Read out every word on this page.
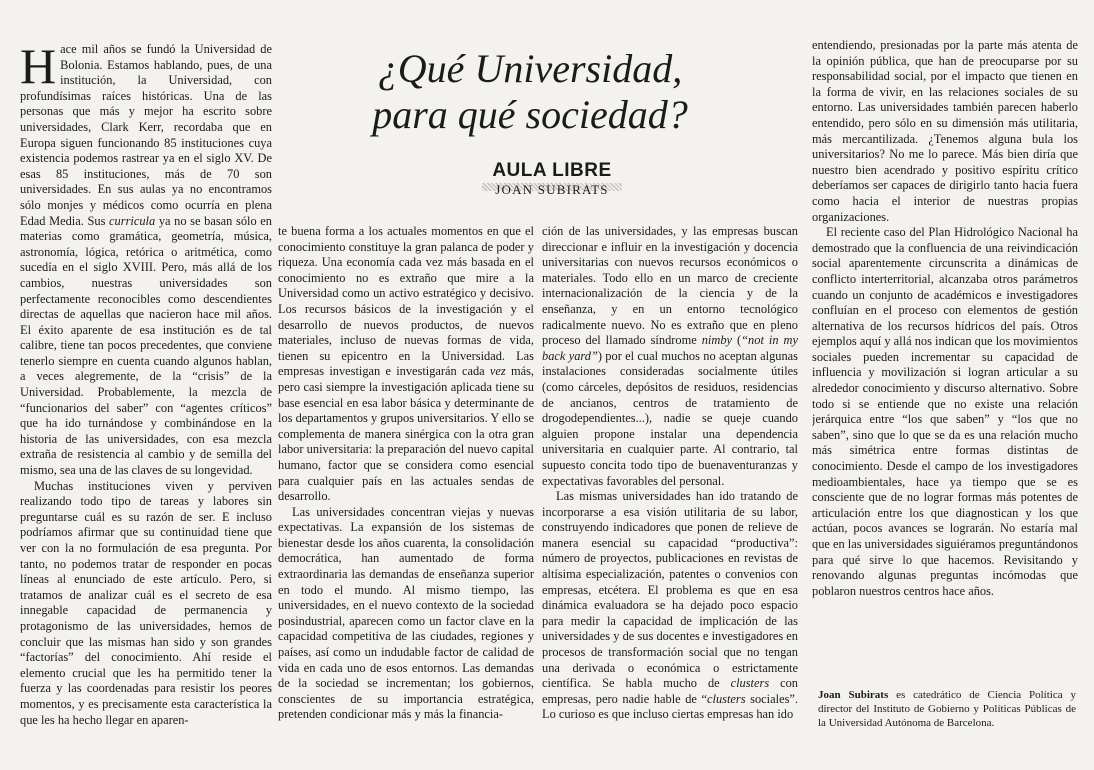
¿Qué Universidad,
para qué sociedad?
AULA LIBRE
JOAN SUBIRATS

Hace mil años se fundó la Universidad de Bolonia. Estamos hablando, pues, de una institución, la Universidad, con profundísimas raíces históricas. Una de las personas que más y mejor ha escrito sobre universidades, Clark Kerr, recordaba que en Europa siguen funcionando 85 instituciones cuya existencia podemos rastrear ya en el siglo XV. De esas 85 instituciones, más de 70 son universidades. En sus aulas ya no encontramos sólo monjes y médicos como ocurría en plena Edad Media. Sus curricula ya no se basan sólo en materias como gramática, geometría, música, astronomía, lógica, retórica o aritmética, como sucedía en el siglo XVIII. Pero, más allá de los cambios, nuestras universidades son perfectamente reconocibles como descendientes directas de aquellas que nacieron hace mil años. El éxito aparente de esa institución es de tal calibre, tiene tan pocos precedentes, que conviene tenerlo siempre en cuenta cuando algunos hablan, a veces alegremente, de la “crisis” de la Universidad. Probablemente, la mezcla de “funcionarios del saber” con “agentes críticos” que ha ido turnándose y combinándose en la historia de las universidades, con esa mezcla extraña de resistencia al cambio y de semilla del mismo, sea una de las claves de su longevidad.

Muchas instituciones viven y perviven realizando todo tipo de tareas y labores sin preguntarse cuál es su razón de ser. E incluso podríamos afirmar que su continuidad tiene que ver con la no formulación de esa pregunta. Por tanto, no podemos tratar de responder en pocas líneas al enunciado de este artículo. Pero, si tratamos de analizar cuál es el secreto de esa innegable capacidad de permanencia y protagonismo de las universidades, hemos de concluir que las mismas han sido y son grandes “factorías” del conocimiento. Ahí reside el elemento crucial que les ha permitido tener la fuerza y las coordenadas para resistir los peores momentos, y es precisamente esta característica la que les ha hecho llegar en aparen-

te buena forma a los actuales momentos en que el conocimiento constituye la gran palanca de poder y riqueza. Una economía cada vez más basada en el conocimiento no es extraño que mire a la Universidad como un activo estratégico y decisivo. Los recursos básicos de la investigación y el desarrollo de nuevos productos, de nuevos materiales, incluso de nuevas formas de vida, tienen su epicentro en la Universidad. Las empresas investigan e investigarán cada vez más, pero casi siempre la investigación aplicada tiene su base esencial en esa labor básica y determinante de los departamentos y grupos universitarios. Y ello se complementa de manera sinérgica con la otra gran labor universitaria: la preparación del nuevo capital humano, factor que se considera como esencial para cualquier país en las actuales sendas de desarrollo.

Las universidades concentran viejas y nuevas expectativas. La expansión de los sistemas de bienestar desde los años cuarenta, la consolidación democrática, han aumentado de forma extraordinaria las demandas de enseñanza superior en todo el mundo. Al mismo tiempo, las universidades, en el nuevo contexto de la sociedad posindustrial, aparecen como un factor clave en la capacidad competitiva de las ciudades, regiones y países, así como un indudable factor de calidad de vida en cada uno de esos entornos. Las demandas de la sociedad se incrementan; los gobiernos, conscientes de su importancia estratégica, pretenden condicionar más y más la financia-

ción de las universidades, y las empresas buscan direccionar e influir en la investigación y docencia universitarias con nuevos recursos económicos o materiales. Todo ello en un marco de creciente internacionalización de la ciencia y de la enseñanza, y en un entorno tecnológico radicalmente nuevo. No es extraño que en pleno proceso del llamado síndrome nimby (“not in my back yard”) por el cual muchos no aceptan algunas instalaciones consideradas socialmente útiles (como cárceles, depósitos de residuos, residencias de ancianos, centros de tratamiento de drogodependientes...), nadie se queje cuando alguien propone instalar una dependencia universitaria en cualquier parte. Al contrario, tal supuesto concita todo tipo de buenaventuranzas y expectativas favorables del personal.

Las mismas universidades han ido tratando de incorporarse a esa visión utilitaria de su labor, construyendo indicadores que ponen de relieve de manera esencial su capacidad “productiva”: número de proyectos, publicaciones en revistas de altísima especialización, patentes o convenios con empresas, etcétera. El problema es que en esa dinámica evaluadora se ha dejado poco espacio para medir la capacidad de implicación de las universidades y de sus docentes e investigadores en procesos de transformación social que no tengan una derivada o económica o estrictamente científica. Se habla mucho de clusters con empresas, pero nadie hable de “clusters sociales”. Lo curioso es que incluso ciertas empresas han ido

entendiendo, presionadas por la parte más atenta de la opinión pública, que han de preocuparse por su responsabilidad social, por el impacto que tienen en la forma de vivir, en las relaciones sociales de su entorno. Las universidades también parecen haberlo entendido, pero sólo en su dimensión más utilitaria, más mercantilizada. ¿Tenemos alguna bula los universitarios? No me lo parece. Más bien diría que nuestro bien acendrado y positivo espíritu crítico deberíamos ser capaces de dirigirlo tanto hacia fuera como hacia el interior de nuestras propias organizaciones.

El reciente caso del Plan Hidrológico Nacional ha demostrado que la confluencia de una reivindicación social aparentemente circunscrita a dinámicas de conflicto interterritorial, alcanzaba otros parámetros cuando un conjunto de académicos e investigadores confluían en el proceso con elementos de gestión alternativa de los recursos hídricos del país. Otros ejemplos aquí y allá nos indican que los movimientos sociales pueden incrementar su capacidad de influencia y movilización si logran articular a su alrededor conocimiento y discurso alternativo. Sobre todo si se entiende que no existe una relación jerárquica entre “los que saben” y “los que no saben”, sino que lo que se da es una relación mucho más simétrica entre formas distintas de conocimiento. Desde el campo de los investigadores medioambientales, hace ya tiempo que se es consciente que de no lograr formas más potentes de articulación entre los que diagnostican y los que actúan, pocos avances se lograrán. No estaría mal que en las universidades siguiéramos preguntándonos para qué sirve lo que hacemos. Revisitando y renovando algunas preguntas incómodas que poblaron nuestros centros hace años.

Joan Subirats es catedrático de Ciencia Política y director del Instituto de Gobierno y Políticas Públicas de la Universidad Autónoma de Barcelona.
